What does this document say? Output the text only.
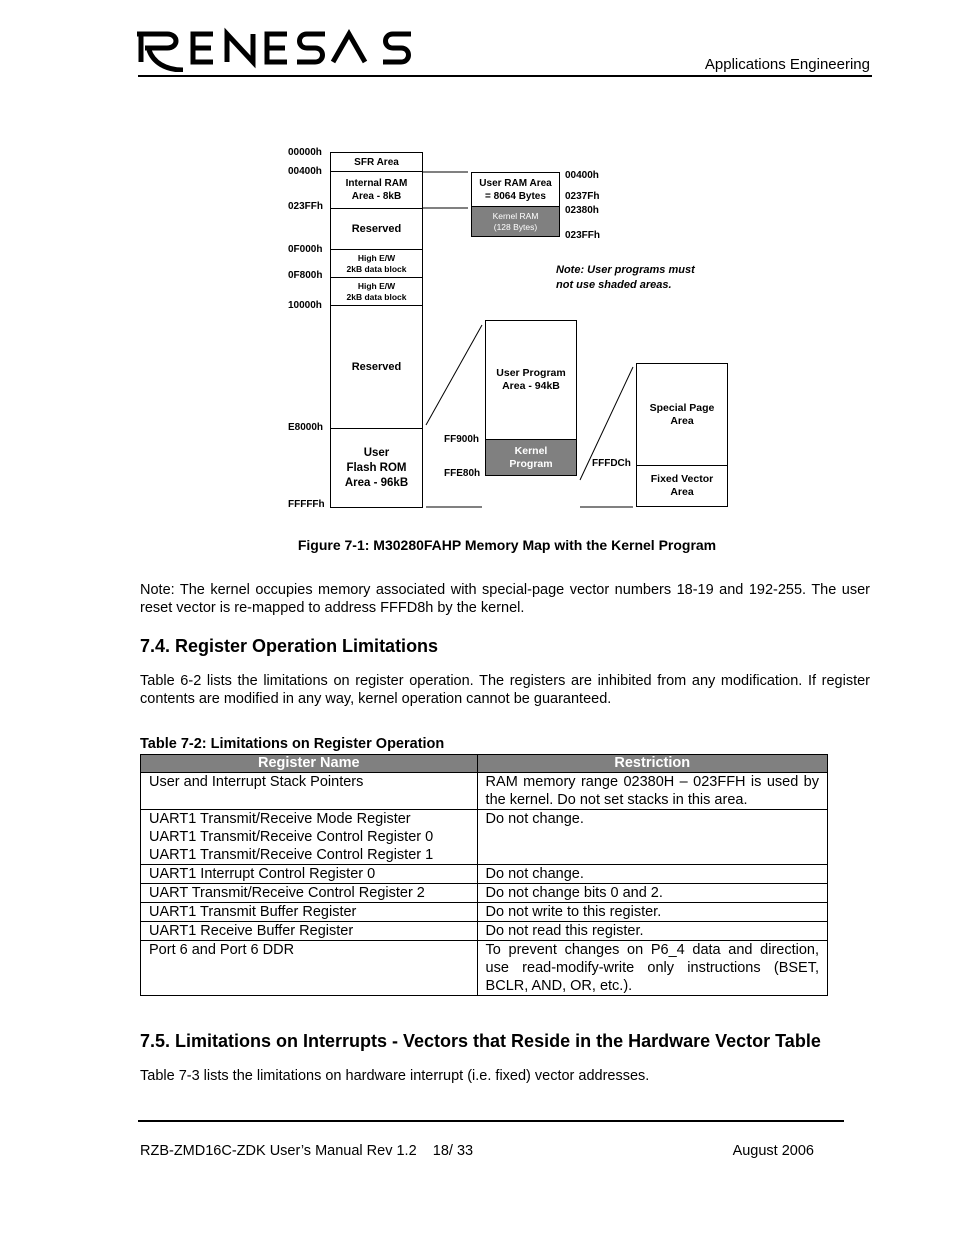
Applications Engineering
SFR Area
Internal RAM
Area - 8kB
Reserved
High E/W
2kB data block
High E/W
2kB data block
Reserved
User
Flash ROM
Area - 96kB
00000h
00400h
023FFh
0F000h
0F800h
10000h
E8000h
FFFFFh
User RAM Area
= 8064 Bytes
Kernel RAM
(128 Bytes)
00400h
0237Fh
02380h
023FFh
Note: User programs must
not use shaded areas.
User Program
Area - 94kB
Kernel
Program
FF900h
FFE80h
Special Page
Area
Fixed Vector
Area
FFFDCh
Figure 7-1: M30280FAHP Memory Map with the Kernel Program
Note: The kernel occupies memory associated with special-page vector numbers 18-19 and 192-255. The user reset vector is re-mapped to address FFFD8h by the kernel.
7.4. Register Operation Limitations
Table 6-2 lists the limitations on register operation. The registers are inhibited from any modification. If register contents are modified in any way, kernel operation cannot be guaranteed.
Table 7-2: Limitations on Register Operation
Register Name	Restriction

User and Interrupt Stack Pointers	RAM memory range 02380H – 023FFH is used by the kernel. Do not set stacks in this area.

UART1 Transmit/Receive Mode Register
UART1 Transmit/Receive Control Register 0
UART1 Transmit/Receive Control Register 1	Do not change.

UART1 Interrupt Control Register 0	Do not change.

UART Transmit/Receive Control Register 2	Do not change bits 0 and 2.

UART1 Transmit Buffer Register	Do not write to this register.

UART1 Receive Buffer Register	Do not read this register.

Port 6 and Port 6 DDR	To prevent changes on P6_4 data and direction, use read-modify-write only instructions (BSET, BCLR, AND, OR, etc.).
7.5. Limitations on Interrupts - Vectors that Reside in the Hardware Vector Table
Table 7-3 lists the limitations on hardware interrupt (i.e. fixed) vector addresses.
RZB-ZMD16C-ZDK User’s Manual Rev 1.2    18/ 33	August 2006
